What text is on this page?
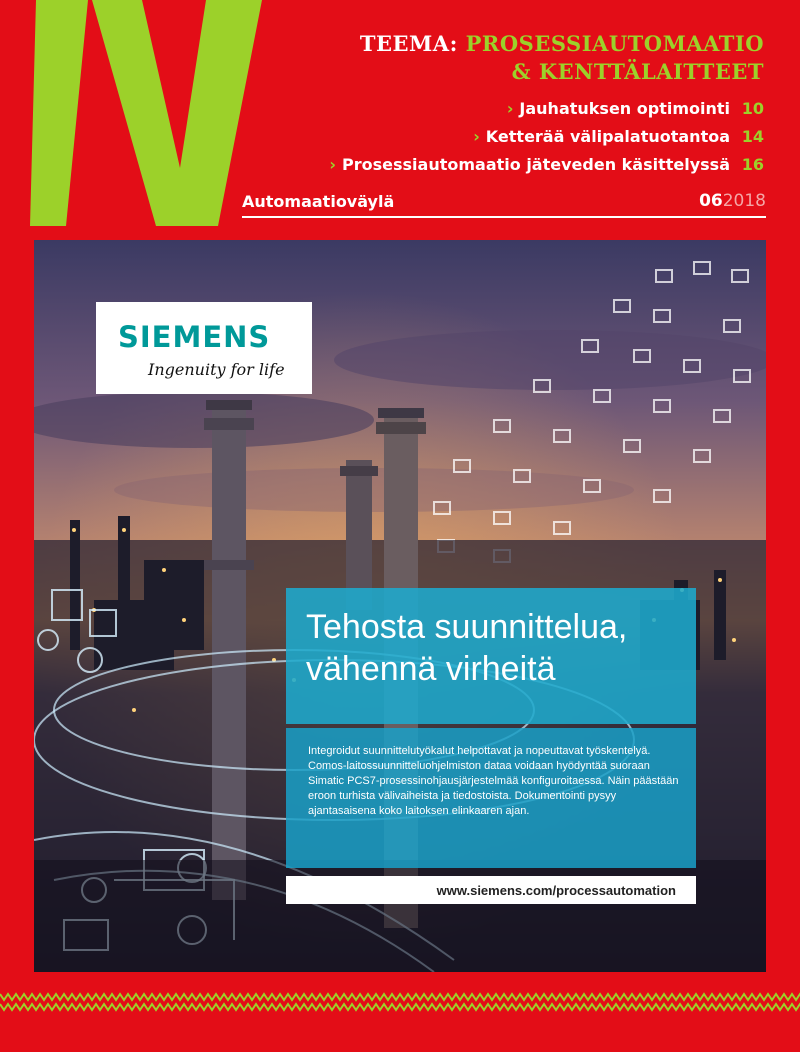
TEEMA: PROSESSIAUTOMAATIO
& KENTTÄLAITTEET
› Jauhatuksen optimointi 10
› Ketterää välipalatuotantoa 14
› Prosessiautomaatio jäteveden käsittelyssä 16
Automaatioväylä	062018
SIEMENS
Ingenuity for life
Tehosta suunnittelua,
vähennä virheitä
Integroidut suunnittelutyökalut helpottavat ja nopeuttavat työskentelyä. Comos-laitossuunnitteluohjelmiston dataa voidaan hyödyntää suoraan Simatic PCS7-prosessinohjausjärjestelmää konfiguroitaessa. Näin päästään eroon turhista välivaiheista ja tiedostoista. Dokumentointi pysyy ajantasaisena koko laitoksen elinkaaren ajan.
www.siemens.com/processautomation
